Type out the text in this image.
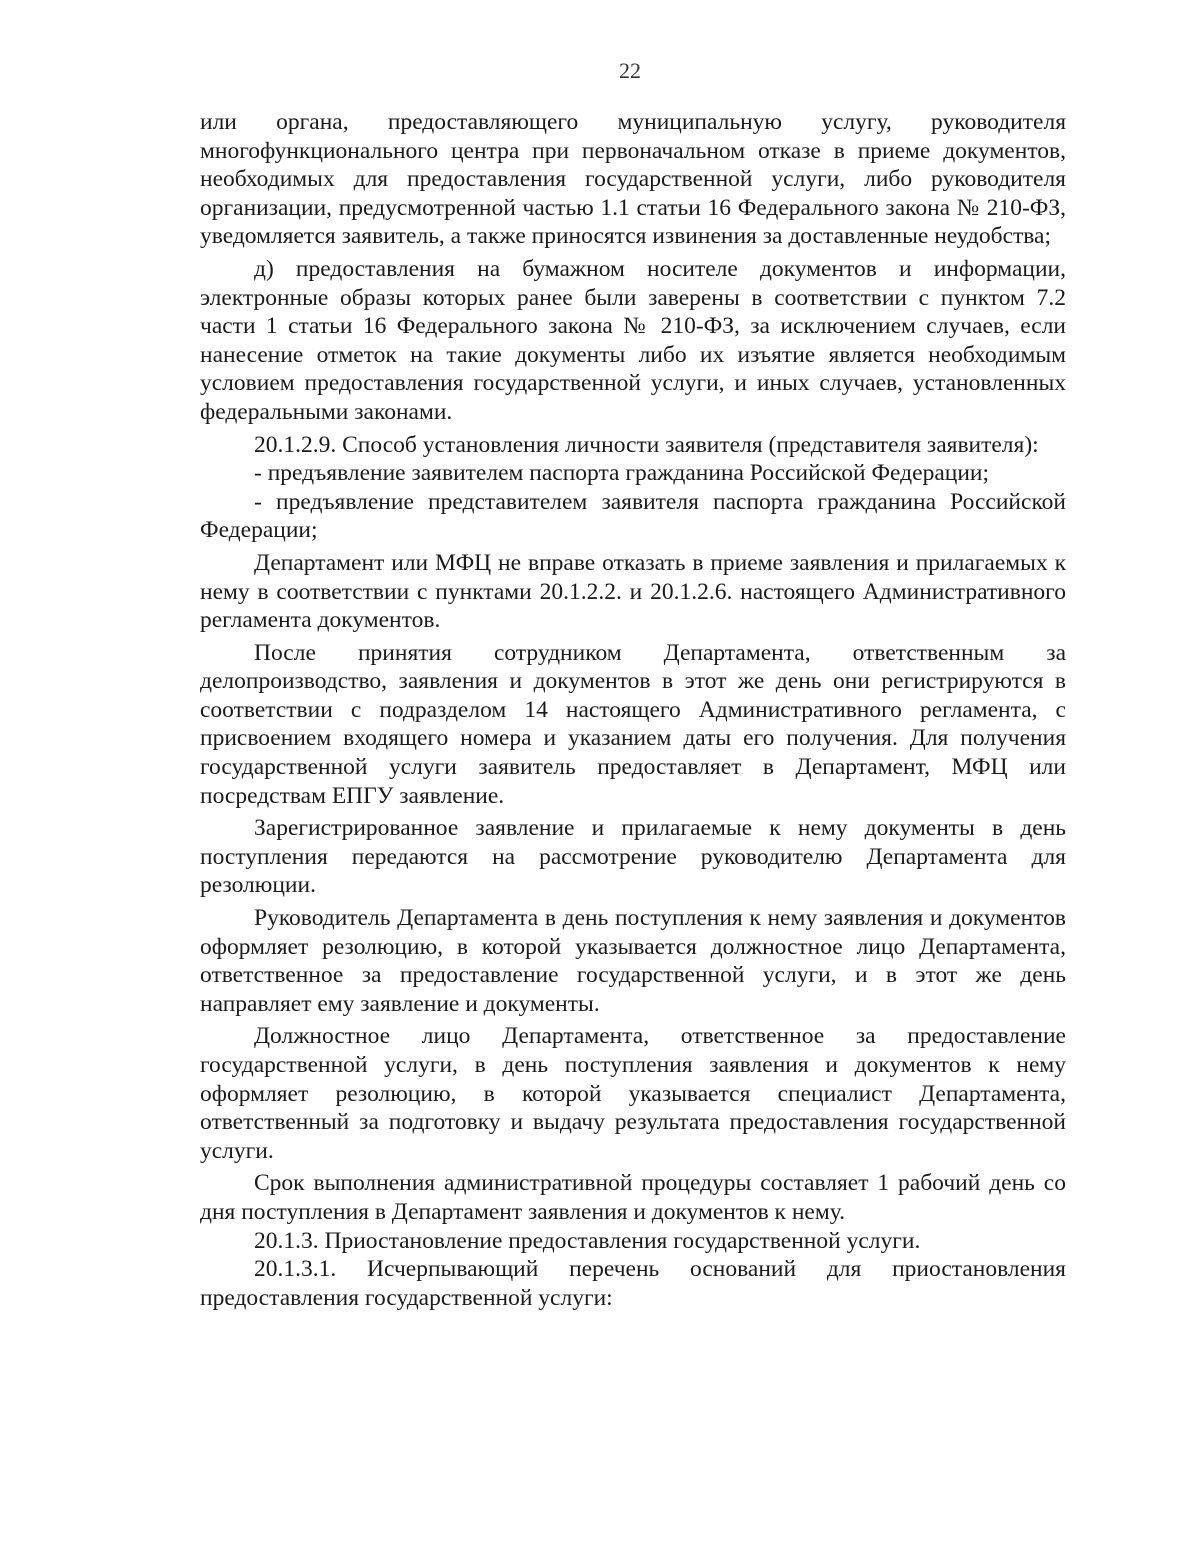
22

или органа, предоставляющего муниципальную услугу, руководителя многофункционального центра при первоначальном отказе в приеме документов, необходимых для предоставления государственной услуги, либо руководителя организации, предусмотренной частью 1.1 статьи 16 Федерального закона № 210-ФЗ, уведомляется заявитель, а также приносятся извинения за доставленные неудобства;

д) предоставления на бумажном носителе документов и информации, электронные образы которых ранее были заверены в соответствии с пунктом 7.2 части 1 статьи 16 Федерального закона № 210-ФЗ, за исключением случаев, если нанесение отметок на такие документы либо их изъятие является необходимым условием предоставления государственной услуги, и иных случаев, установленных федеральными законами.

20.1.2.9. Способ установления личности заявителя (представителя заявителя):

- предъявление заявителем паспорта гражданина Российской Федерации;

- предъявление представителем заявителя паспорта гражданина Российской Федерации;

Департамент или МФЦ не вправе отказать в приеме заявления и прилагаемых к нему в соответствии с пунктами 20.1.2.2. и 20.1.2.6. настоящего Административного регламента документов.

После принятия сотрудником Департамента, ответственным за делопроизводство, заявления и документов в этот же день они регистрируются в соответствии с подразделом 14 настоящего Административного регламента, с присвоением входящего номера и указанием даты его получения. Для получения государственной услуги заявитель предоставляет в Департамент, МФЦ или посредствам ЕПГУ заявление.

Зарегистрированное заявление и прилагаемые к нему документы в день поступления передаются на рассмотрение руководителю Департамента для резолюции.

Руководитель Департамента в день поступления к нему заявления и документов оформляет резолюцию, в которой указывается должностное лицо Департамента, ответственное за предоставление государственной услуги, и в этот же день направляет ему заявление и документы.

Должностное лицо Департамента, ответственное за предоставление государственной услуги, в день поступления заявления и документов к нему оформляет резолюцию, в которой указывается специалист Департамента, ответственный за подготовку и выдачу результата предоставления государственной услуги.

Срок выполнения административной процедуры составляет 1 рабочий день со дня поступления в Департамент заявления и документов к нему.

20.1.3. Приостановление предоставления государственной услуги.

20.1.3.1. Исчерпывающий перечень оснований для приостановления предоставления государственной услуги:
